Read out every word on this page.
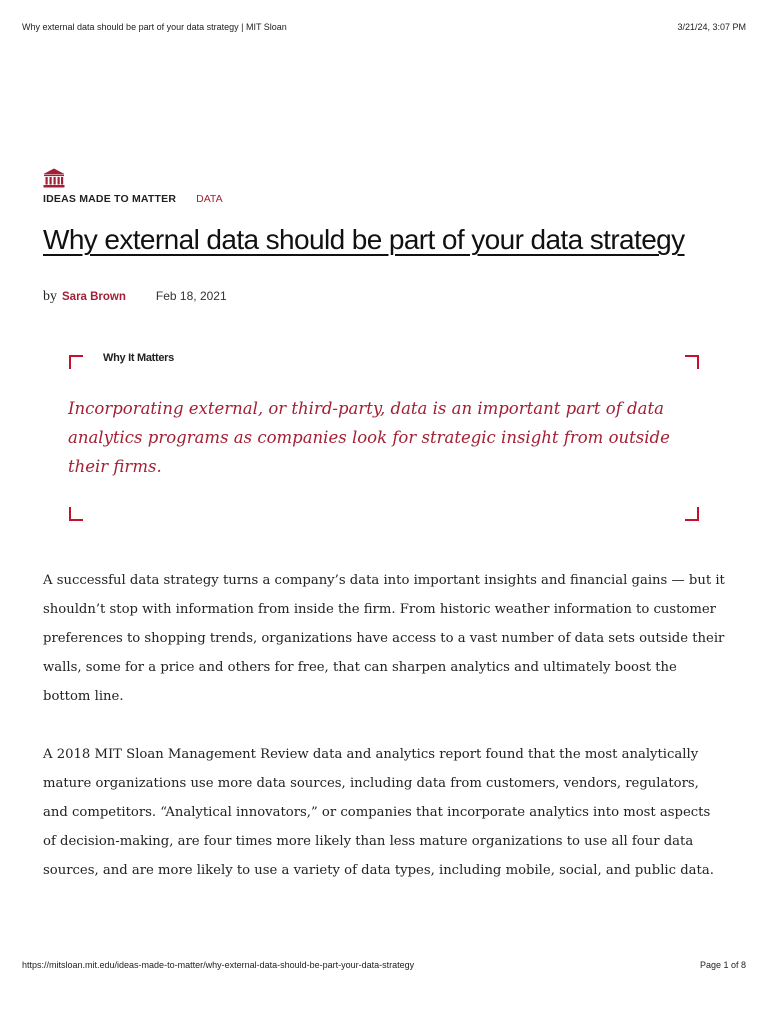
Why external data should be part of your data strategy | MIT Sloan	3/21/24, 3:07 PM
IDEAS MADE TO MATTER DATA
Why external data should be part of your data strategy
by Sara Brown	Feb 18, 2021
Why It Matters

Incorporating external, or third-party, data is an important part of data analytics programs as companies look for strategic insight from outside their firms.

A successful data strategy turns a company’s data into important insights and financial gains — but it shouldn’t stop with information from inside the firm. From historic weather information to customer preferences to shopping trends, organizations have access to a vast number of data sets outside their walls, some for a price and others for free, that can sharpen analytics and ultimately boost the bottom line.

A 2018 MIT Sloan Management Review data and analytics report found that the most analytically mature organizations use more data sources, including data from customers, vendors, regulators, and competitors. “Analytical innovators,” or companies that incorporate analytics into most aspects of decision-making, are four times more likely than less mature organizations to use all four data sources, and are more likely to use a variety of data types, including mobile, social, and public data.

https://mitsloan.mit.edu/ideas-made-to-matter/why-external-data-should-be-part-your-data-strategy	Page 1 of 8
